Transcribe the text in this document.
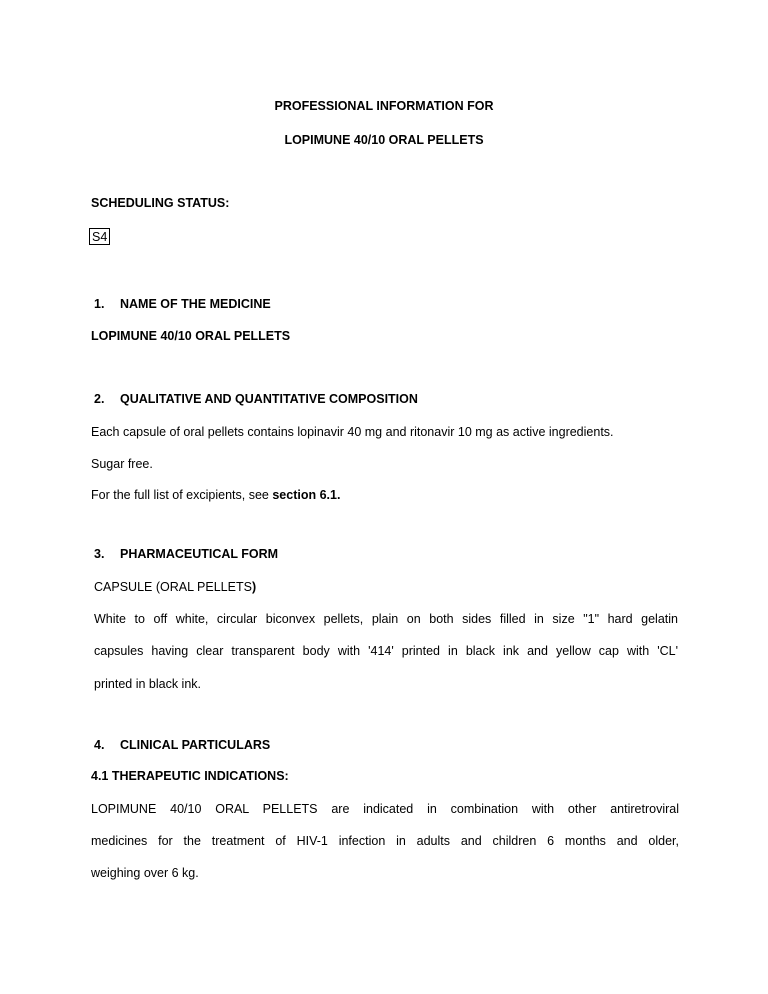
PROFESSIONAL INFORMATION FOR
LOPIMUNE 40/10 ORAL PELLETS
SCHEDULING STATUS:
S4
1. NAME OF THE MEDICINE
LOPIMUNE 40/10 ORAL PELLETS
2. QUALITATIVE AND QUANTITATIVE COMPOSITION
Each capsule of oral pellets contains lopinavir 40 mg and ritonavir 10 mg as active ingredients.
Sugar free.
For the full list of excipients, see section 6.1.
3. PHARMACEUTICAL FORM
CAPSULE (ORAL PELLETS)
White to off white, circular biconvex pellets, plain on both sides filled in size "1" hard gelatin
capsules having clear transparent body with '414' printed in black ink and yellow cap with 'CL'
printed in black ink.
4. CLINICAL PARTICULARS
4.1 THERAPEUTIC INDICATIONS:
LOPIMUNE 40/10 ORAL PELLETS are indicated in combination with other antiretroviral
medicines for the treatment of HIV-1 infection in adults and children 6 months and older,
weighing over 6 kg.
